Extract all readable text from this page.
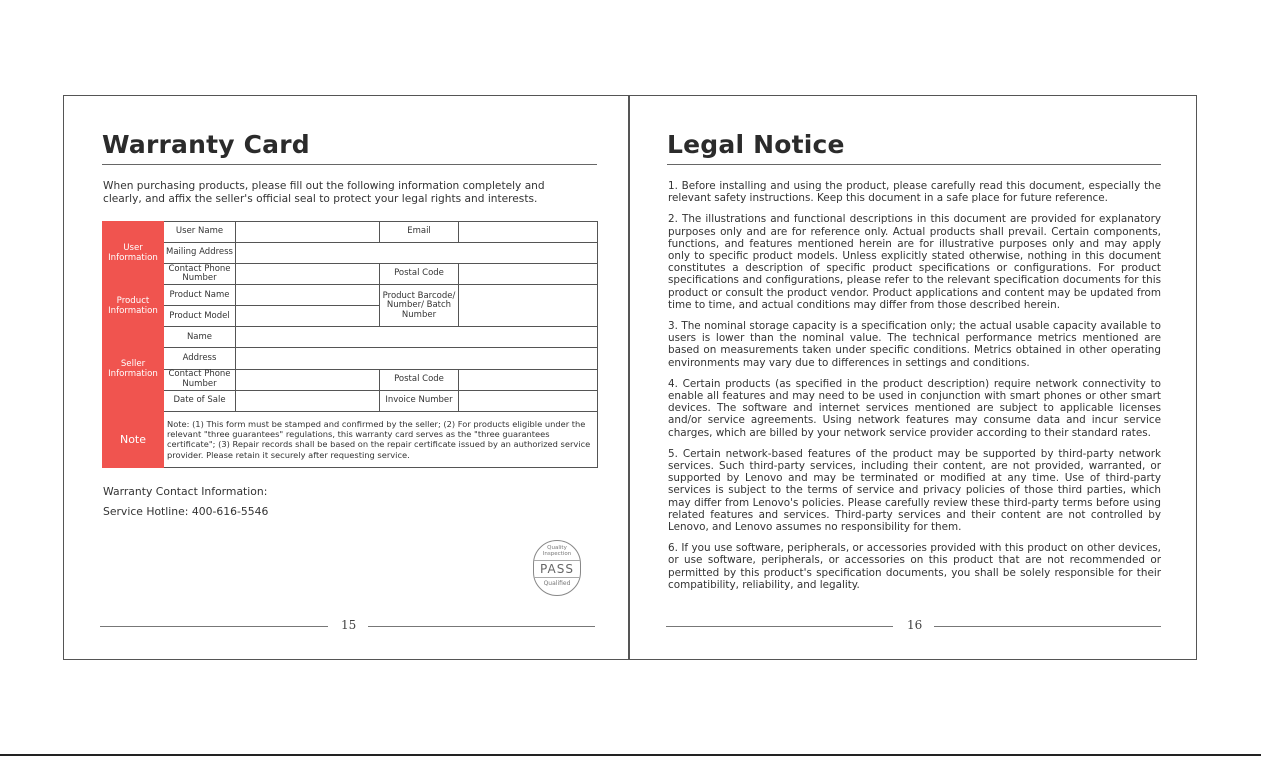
Warranty Card
When purchasing products, please fill out the following information completely and clearly, and affix the seller's official seal to protect your legal rights and interests.
User Information	User Name		Email	
	Mailing Address			
	Contact Phone Number		Postal Code	
Product Information	Product Name		Product Barcode/ Number/ Batch Number	
	Product Model			
Seller Information	Name			
	Address			
	Contact Phone Number		Postal Code	
	Date of Sale		Invoice Number	
Note	Note: (1) This form must be stamped and confirmed by the seller; (2) For products eligible under the relevant "three guarantees" regulations, this warranty card serves as the "three guarantees certificate"; (3) Repair records shall be based on the repair certificate issued by an authorized service provider. Please retain it securely after requesting service.			
Warranty Contact Information:
Service Hotline: 400-616-5546
Quality Inspection
PASS
Qualified
15
Legal Notice

1. Before installing and using the product, please carefully read this document, especially the relevant safety instructions. Keep this document in a safe place for future reference.

2. The illustrations and functional descriptions in this document are provided for explanatory purposes only and are for reference only. Actual products shall prevail. Certain components, functions, and features mentioned herein are for illustrative purposes only and may apply only to specific product models. Unless explicitly stated otherwise, nothing in this document constitutes a description of specific product specifications or configurations. For product specifications and configurations, please refer to the relevant specification documents for this product or consult the product vendor. Product applications and content may be updated from time to time, and actual conditions may differ from those described herein.

3. The nominal storage capacity is a specification only; the actual usable capacity available to users is lower than the nominal value. The technical performance metrics mentioned are based on measurements taken under specific conditions. Metrics obtained in other operating environments may vary due to differences in settings and conditions.

4. Certain products (as specified in the product description) require network connectivity to enable all features and may need to be used in conjunction with smart phones or other smart devices. The software and internet services mentioned are subject to applicable licenses and/or service agreements. Using network features may consume data and incur service charges, which are billed by your network service provider according to their standard rates.

5. Certain network-based features of the product may be supported by third-party network services. Such third-party services, including their content, are not provided, warranted, or supported by Lenovo and may be terminated or modified at any time. Use of third-party services is subject to the terms of service and privacy policies of those third parties, which may differ from Lenovo's policies. Please carefully review these third-party terms before using related features and services. Third-party services and their content are not controlled by Lenovo, and Lenovo assumes no responsibility for them.

6. If you use software, peripherals, or accessories provided with this product on other devices, or use software, peripherals, or accessories on this product that are not recommended or permitted by this product's specification documents, you shall be solely responsible for their compatibility, reliability, and legality.

16
